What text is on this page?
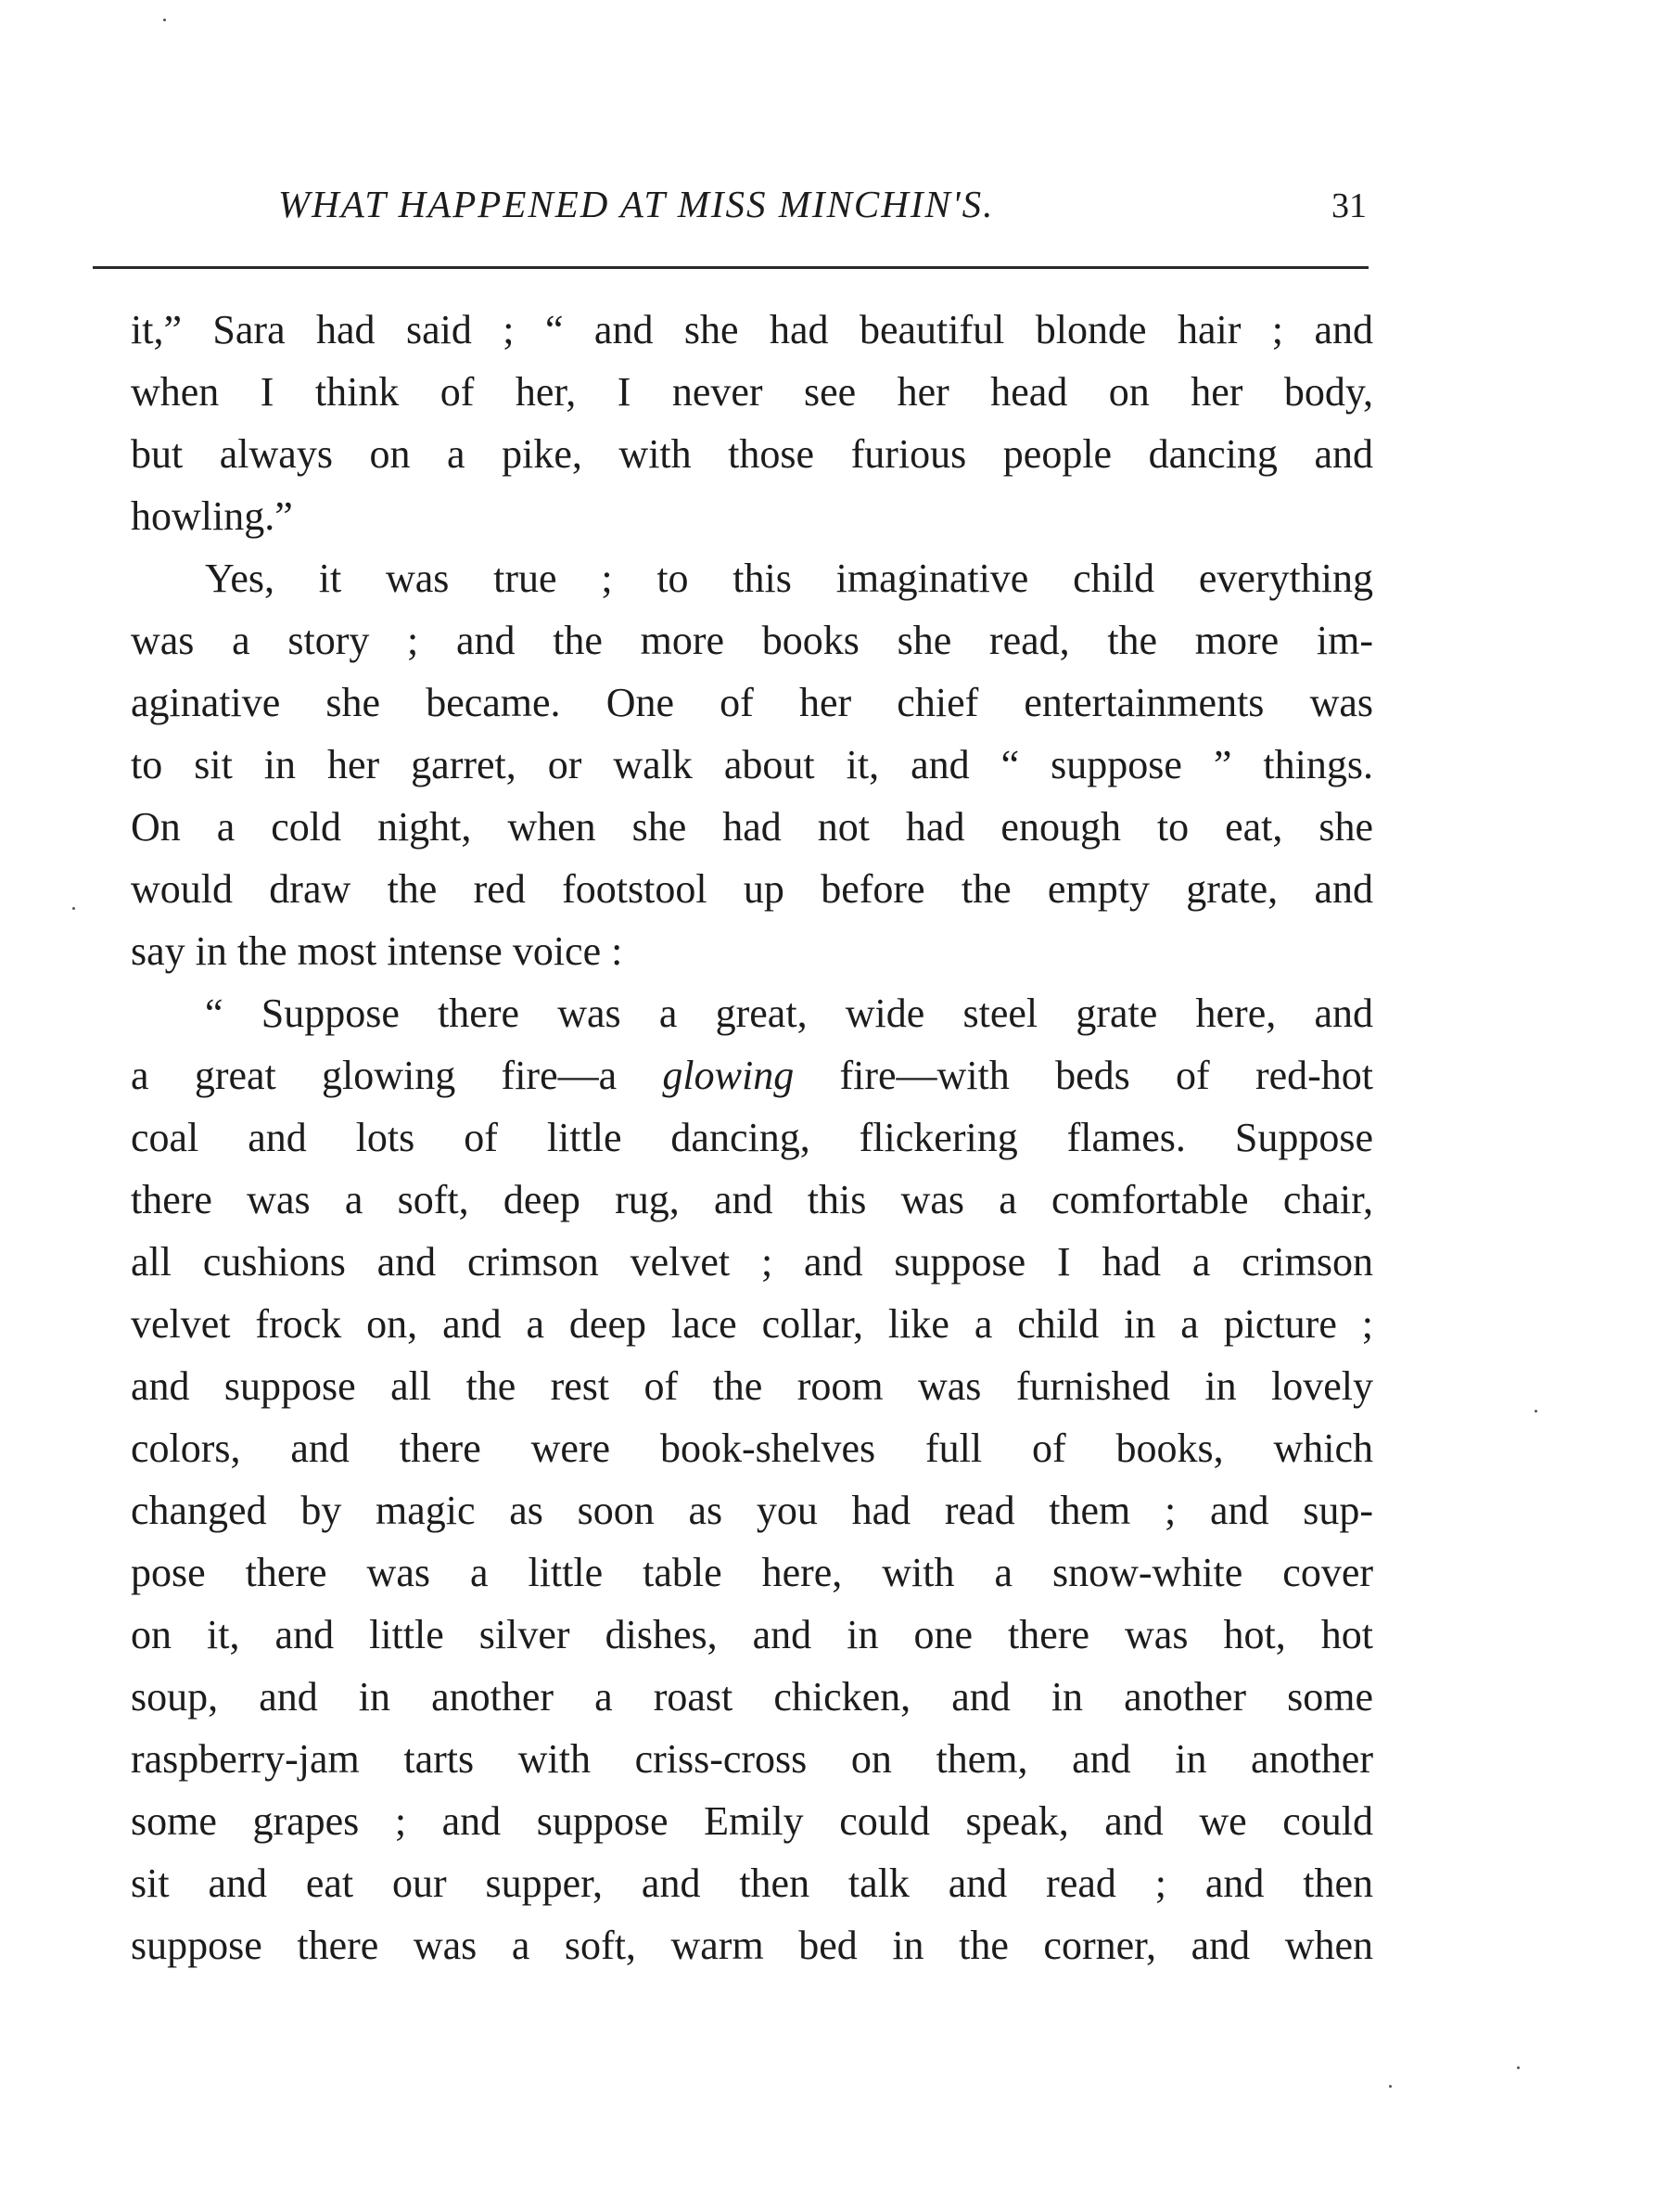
WHAT HAPPENED AT MISS MINCHIN'S.	31
it,” Sara had said ; “ and she had beautiful blonde hair ; and
when I think of her, I never see her head on her body,
but always on a pike, with those furious people dancing and
howling.”
Yes, it was true ; to this imaginative child everything
was a story ; and the more books she read, the more im-
aginative she became. One of her chief entertainments was
to sit in her garret, or walk about it, and “ suppose ” things.
On a cold night, when she had not had enough to eat, she
would draw the red footstool up before the empty grate, and
say in the most intense voice :
“ Suppose there was a great, wide steel grate here, and
a great glowing fire—a glowing fire—with beds of red-hot
coal and lots of little dancing, flickering flames. Suppose
there was a soft, deep rug, and this was a comfortable chair,
all cushions and crimson velvet ; and suppose I had a crimson
velvet frock on, and a deep lace collar, like a child in a picture ;
and suppose all the rest of the room was furnished in lovely
colors, and there were book-shelves full of books, which
changed by magic as soon as you had read them ; and sup-
pose there was a little table here, with a snow-white cover
on it, and little silver dishes, and in one there was hot, hot
soup, and in another a roast chicken, and in another some
raspberry-jam tarts with criss-cross on them, and in another
some grapes ; and suppose Emily could speak, and we could
sit and eat our supper, and then talk and read ; and then
suppose there was a soft, warm bed in the corner, and when
